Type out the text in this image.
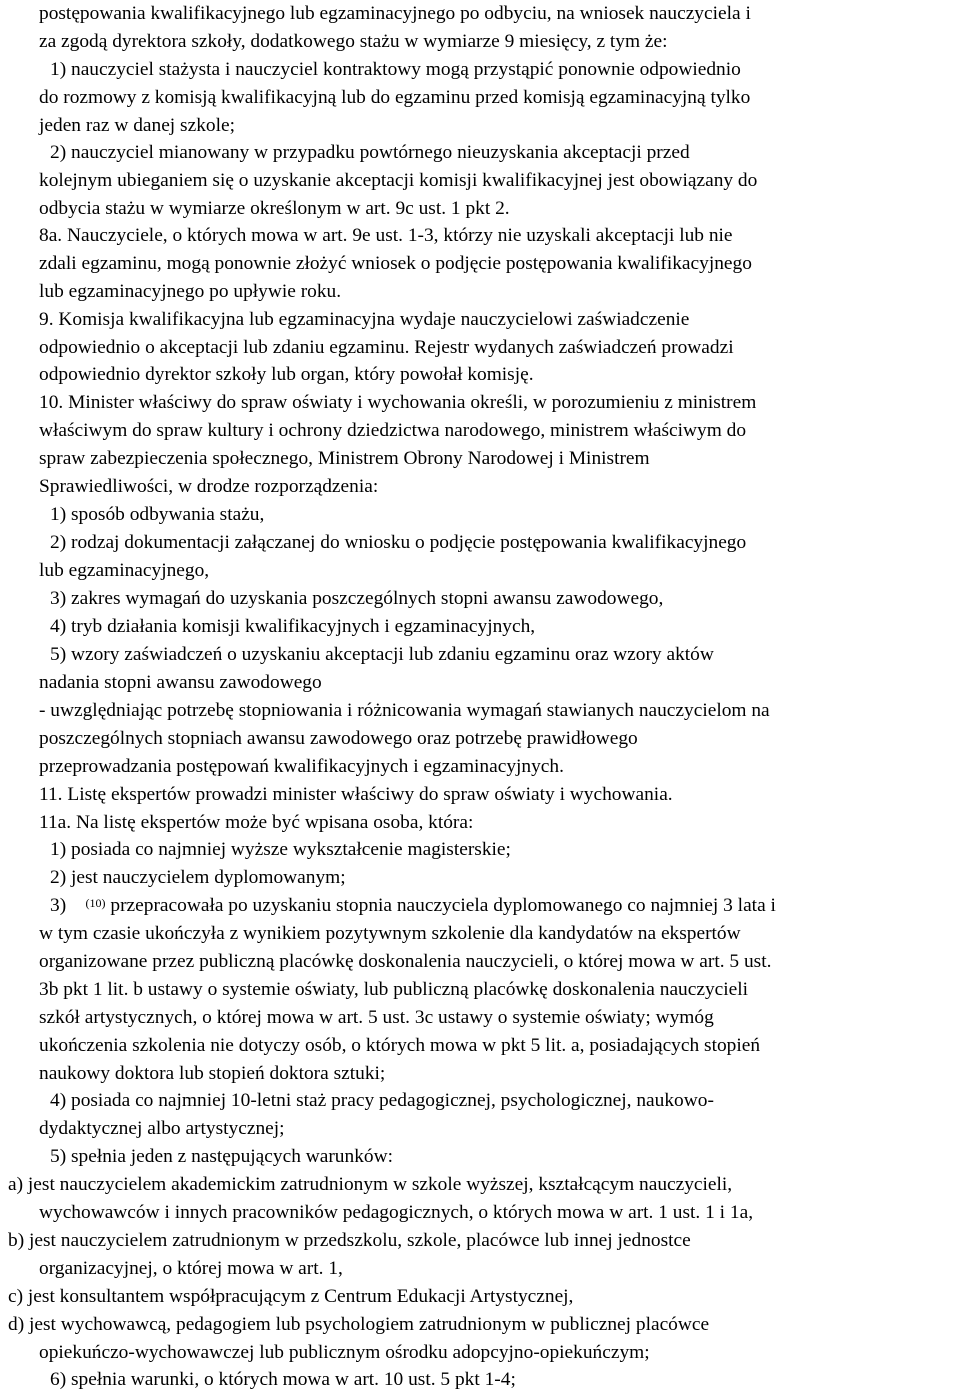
postępowania kwalifikacyjnego lub egzaminacyjnego po odbyciu, na wniosek nauczyciela i
za zgodą dyrektora szkoły, dodatkowego stażu w wymiarze 9 miesięcy, z tym że:
1) nauczyciel stażysta i nauczyciel kontraktowy mogą przystąpić ponownie odpowiednio
do rozmowy z komisją kwalifikacyjną lub do egzaminu przed komisją egzaminacyjną tylko
jeden raz w danej szkole;
2) nauczyciel mianowany w przypadku powtórnego nieuzyskania akceptacji przed
kolejnym ubieganiem się o uzyskanie akceptacji komisji kwalifikacyjnej jest obowiązany do
odbycia stażu w wymiarze określonym w art. 9c ust. 1 pkt 2.
8a. Nauczyciele, o których mowa w art. 9e ust. 1-3, którzy nie uzyskali akceptacji lub nie
zdali egzaminu, mogą ponownie złożyć wniosek o podjęcie postępowania kwalifikacyjnego
lub egzaminacyjnego po upływie roku.
9. Komisja kwalifikacyjna lub egzaminacyjna wydaje nauczycielowi zaświadczenie
odpowiednio o akceptacji lub zdaniu egzaminu. Rejestr wydanych zaświadczeń prowadzi
odpowiednio dyrektor szkoły lub organ, który powołał komisję.
10. Minister właściwy do spraw oświaty i wychowania określi, w porozumieniu z ministrem
właściwym do spraw kultury i ochrony dziedzictwa narodowego, ministrem właściwym do
spraw zabezpieczenia społecznego, Ministrem Obrony Narodowej i Ministrem
Sprawiedliwości, w drodze rozporządzenia:
1) sposób odbywania stażu,
2) rodzaj dokumentacji załączanej do wniosku o podjęcie postępowania kwalifikacyjnego
lub egzaminacyjnego,
3) zakres wymagań do uzyskania poszczególnych stopni awansu zawodowego,
4) tryb działania komisji kwalifikacyjnych i egzaminacyjnych,
5) wzory zaświadczeń o uzyskaniu akceptacji lub zdaniu egzaminu oraz wzory aktów
nadania stopni awansu zawodowego
- uwzględniając potrzebę stopniowania i różnicowania wymagań stawianych nauczycielom na
poszczególnych stopniach awansu zawodowego oraz potrzebę prawidłowego
przeprowadzania postępowań kwalifikacyjnych i egzaminacyjnych.
11. Listę ekspertów prowadzi minister właściwy do spraw oświaty i wychowania.
11a. Na listę ekspertów może być wpisana osoba, która:
1) posiada co najmniej wyższe wykształcenie magisterskie;
2) jest nauczycielem dyplomowanym;
3) $^{(10)}$ przepracowała po uzyskaniu stopnia nauczyciela dyplomowanego co najmniej 3 lata i
w tym czasie ukończyła z wynikiem pozytywnym szkolenie dla kandydatów na ekspertów
organizowane przez publiczną placówkę doskonalenia nauczycieli, o której mowa w art. 5 ust.
3b pkt 1 lit. b ustawy o systemie oświaty, lub publiczną placówkę doskonalenia nauczycieli
szkół artystycznych, o której mowa w art. 5 ust. 3c ustawy o systemie oświaty; wymóg
ukończenia szkolenia nie dotyczy osób, o których mowa w pkt 5 lit. a, posiadających stopień
naukowy doktora lub stopień doktora sztuki;
4) posiada co najmniej 10-letni staż pracy pedagogicznej, psychologicznej, naukowo-
dydaktycznej albo artystycznej;
5) spełnia jeden z następujących warunków:
a) jest nauczycielem akademickim zatrudnionym w szkole wyższej, kształcącym nauczycieli,
wychowawców i innych pracowników pedagogicznych, o których mowa w art. 1 ust. 1 i 1a,
b) jest nauczycielem zatrudnionym w przedszkolu, szkole, placówce lub innej jednostce
organizacyjnej, o której mowa w art. 1,
c) jest konsultantem współpracującym z Centrum Edukacji Artystycznej,
d) jest wychowawcą, pedagogiem lub psychologiem zatrudnionym w publicznej placówce
opiekuńczo-wychowawczej lub publicznym ośrodku adopcyjno-opiekuńczym;
6) spełnia warunki, o których mowa w art. 10 ust. 5 pkt 1-4;
